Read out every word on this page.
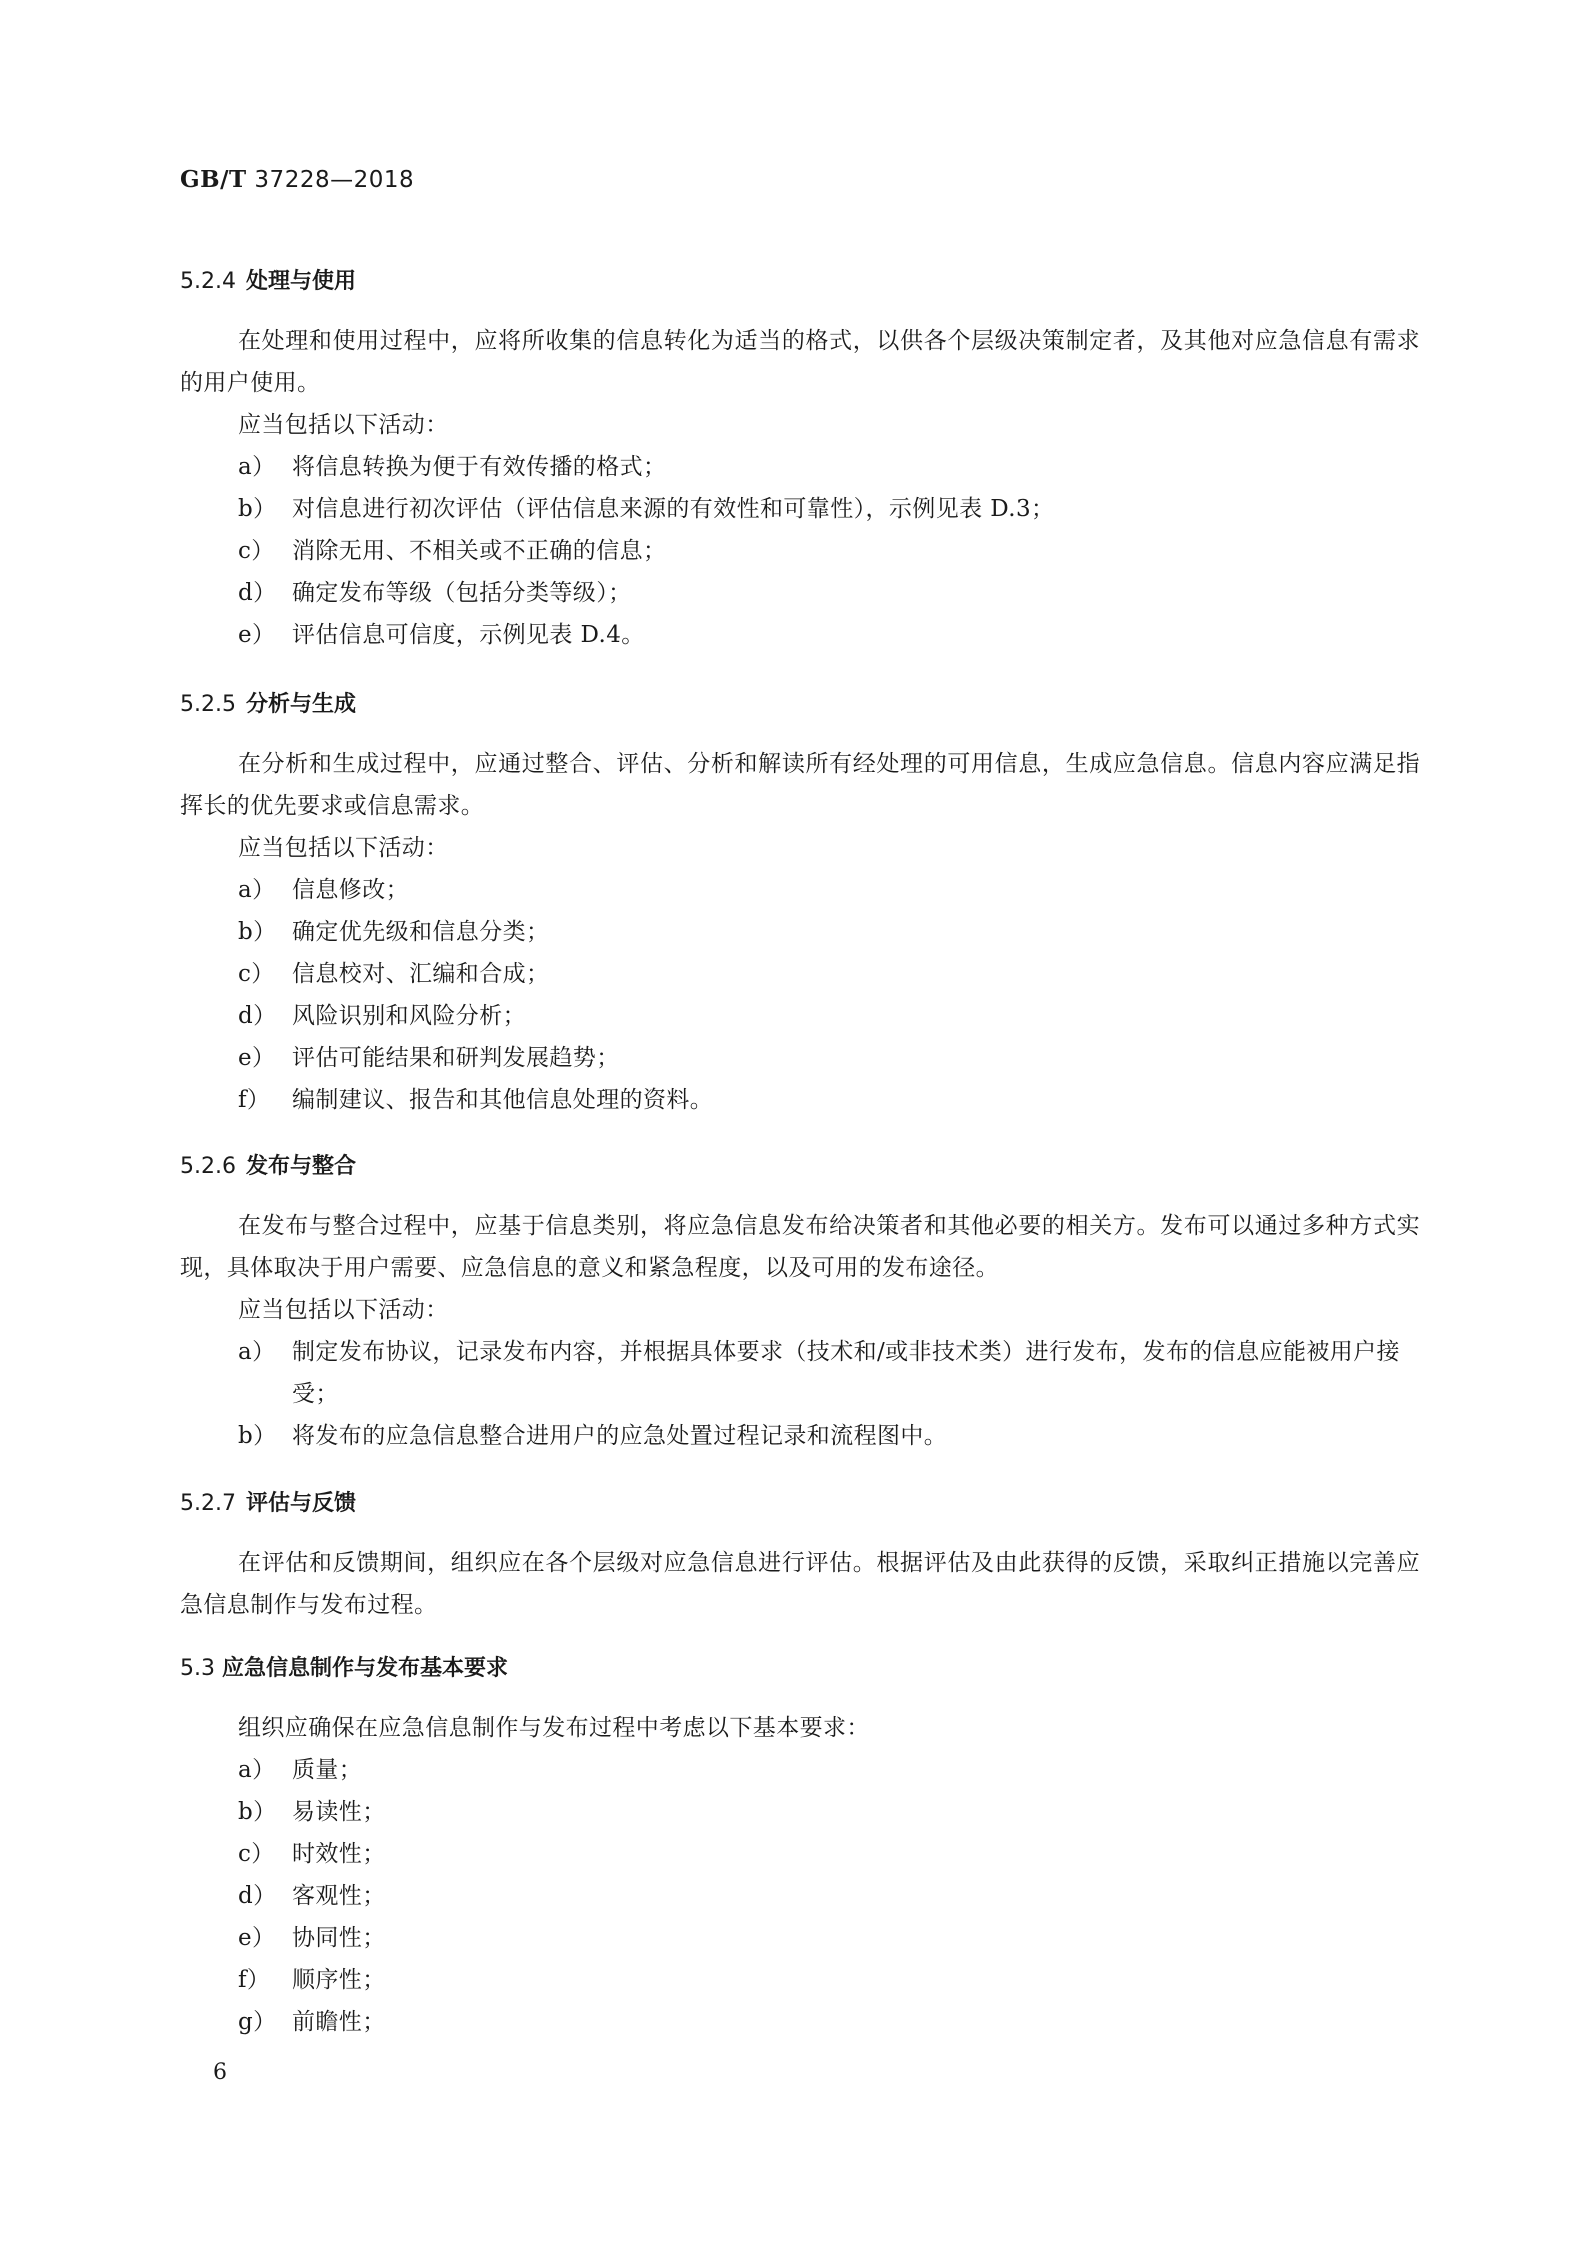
GB/T 37228—2018
5.2.4 处理与使用
在处理和使用过程中，应将所收集的信息转化为适当的格式，以供各个层级决策制定者，及其他对应急信息有需求的用户使用。
应当包括以下活动：
a） 将信息转换为便于有效传播的格式；
b） 对信息进行初次评估（评估信息来源的有效性和可靠性），示例见表 D.3；
c） 消除无用、不相关或不正确的信息；
d） 确定发布等级（包括分类等级）；
e） 评估信息可信度，示例见表 D.4。
5.2.5 分析与生成
在分析和生成过程中，应通过整合、评估、分析和解读所有经处理的可用信息，生成应急信息。信息内容应满足指挥长的优先要求或信息需求。
应当包括以下活动：
a） 信息修改；
b） 确定优先级和信息分类；
c） 信息校对、汇编和合成；
d） 风险识别和风险分析；
e） 评估可能结果和研判发展趋势；
f） 编制建议、报告和其他信息处理的资料。
5.2.6 发布与整合
在发布与整合过程中，应基于信息类别，将应急信息发布给决策者和其他必要的相关方。发布可以通过多种方式实现，具体取决于用户需要、应急信息的意义和紧急程度，以及可用的发布途径。
应当包括以下活动：
a） 制定发布协议，记录发布内容，并根据具体要求（技术和/或非技术类）进行发布，发布的信息应能被用户接受；
b） 将发布的应急信息整合进用户的应急处置过程记录和流程图中。
5.2.7 评估与反馈
在评估和反馈期间，组织应在各个层级对应急信息进行评估。根据评估及由此获得的反馈，采取纠正措施以完善应急信息制作与发布过程。
5.3 应急信息制作与发布基本要求
组织应确保在应急信息制作与发布过程中考虑以下基本要求：
a） 质量；
b） 易读性；
c） 时效性；
d） 客观性；
e） 协同性；
f） 顺序性；
g） 前瞻性；
6
